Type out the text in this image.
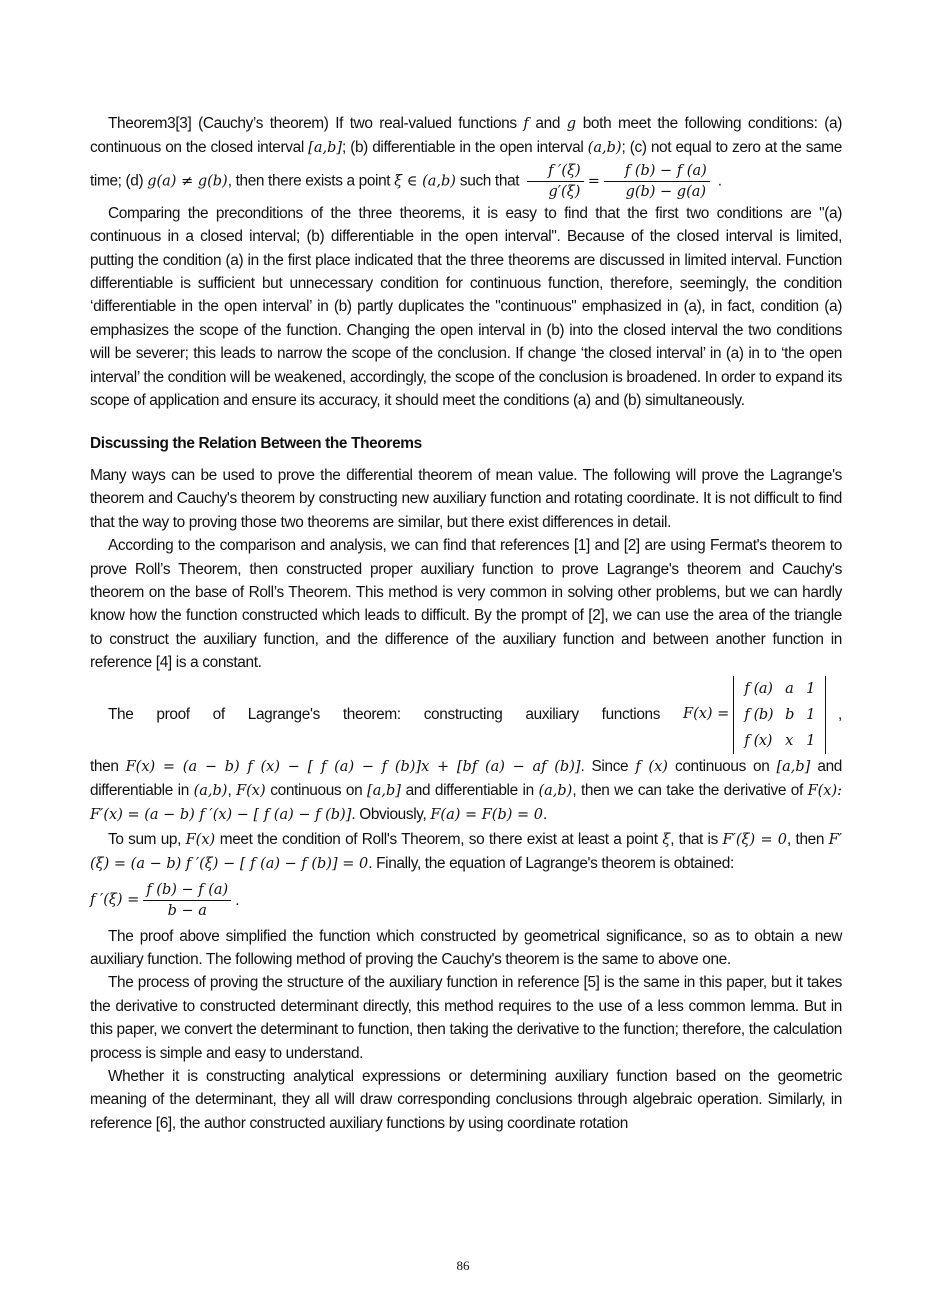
Theorem3[3] (Cauchy’s theorem) If two real-valued functions f and g both meet the following conditions: (a) continuous on the closed interval [a,b]; (b) differentiable in the open interval (a,b); (c) not equal to zero at the same time; (d) g(a) ≠ g(b), then there exists a point ξ ∈ (a,b) such that $\frac{f '(\xi)}{g'(\xi)} = \frac{f (b) - f (a)}{g(b) - g(a)}$ .

Comparing the preconditions of the three theorems, it is easy to find that the first two conditions are "(a) continuous in a closed interval; (b) differentiable in the open interval". Because of the closed interval is limited, putting the condition (a) in the first place indicated that the three theorems are discussed in limited interval. Function differentiable is sufficient but unnecessary condition for continuous function, therefore, seemingly, the condition ‘differentiable in the open interval’ in (b) partly duplicates the "continuous" emphasized in (a), in fact, condition (a) emphasizes the scope of the function. Changing the open interval in (b) into the closed interval the two conditions will be severer; this leads to narrow the scope of the conclusion. If change ‘the closed interval’ in (a) in to ‘the open interval’ the condition will be weakened, accordingly, the scope of the conclusion is broadened. In order to expand its scope of application and ensure its accuracy, it should meet the conditions (a) and (b) simultaneously.

Discussing the Relation Between the Theorems

Many ways can be used to prove the differential theorem of mean value. The following will prove the Lagrange's theorem and Cauchy's theorem by constructing new auxiliary function and rotating coordinate. It is not difficult to find that the way to proving those two theorems are similar, but there exist differences in detail.

According to the comparison and analysis, we can find that references [1] and [2] are using Fermat's theorem to prove Roll’s Theorem, then constructed proper auxiliary function to prove Lagrange's theorem and Cauchy's theorem on the base of Roll’s Theorem. This method is very common in solving other problems, but we can hardly know how the function constructed which leads to difficult. By the prompt of [2], we can use the area of the triangle to construct the auxiliary function, and the difference of the auxiliary function and between another function in reference [4] is a constant.

The proof of Lagrange's theorem: constructing auxiliary functions F(x) =
f (a)	a	1
f (b)	b	1
f (x)	x	1
,

then F(x) = (a − b) f (x) − [ f (a) − f (b)]x + [bf (a) − af (b)]. Since f (x) continuous on [a,b] and differentiable in (a,b), F(x) continuous on [a,b] and differentiable in (a,b), then we can take the derivative of F(x): F′(x) = (a − b) f ′(x) − [ f (a) − f (b)]. Obviously, F(a) = F(b) = 0.

To sum up, F(x) meet the condition of Roll's Theorem, so there exist at least a point ξ, that is F′(ξ) = 0, then F′(ξ) = (a − b) f ′(ξ) − [ f (a) − f (b)] = 0. Finally, the equation of Lagrange's theorem is obtained:

f $'(\xi) = \frac{f (b) - f (a)}{b - a}$ .

The proof above simplified the function which constructed by geometrical significance, so as to obtain a new auxiliary function. The following method of proving the Cauchy's theorem is the same to above one.

The process of proving the structure of the auxiliary function in reference [5] is the same in this paper, but it takes the derivative to constructed determinant directly, this method requires to the use of a less common lemma. But in this paper, we convert the determinant to function, then taking the derivative to the function; therefore, the calculation process is simple and easy to understand.

Whether it is constructing analytical expressions or determining auxiliary function based on the geometric meaning of the determinant, they all will draw corresponding conclusions through algebraic operation. Similarly, in reference [6], the author constructed auxiliary functions by using coordinate rotation

86
